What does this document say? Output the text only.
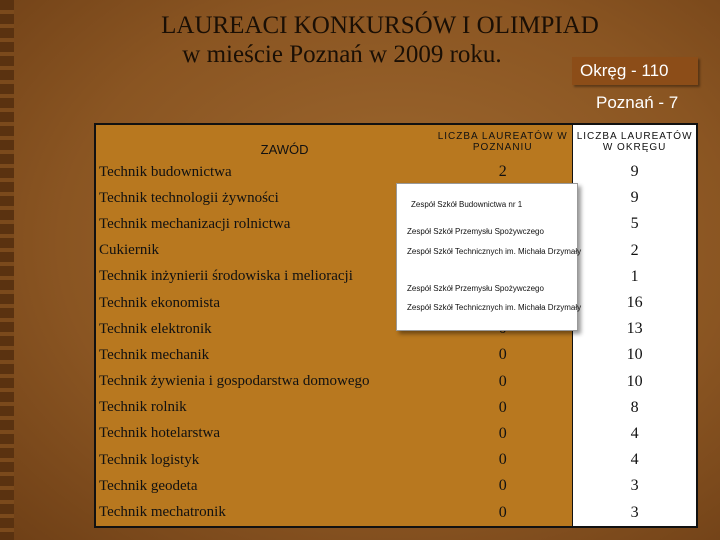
LAUREACI KONKURSÓW I OLIMPIAD
w mieście Poznań w 2009 roku.
Okręg - 110
Poznań - 7
ZAWÓD	LICZBA LAUREATÓW W POZNANIU	LICZBA LAUREATÓW W OKRĘGU
Technik budownictwa	2	9
Technik technologii żywności		9
Technik mechanizacji rolnictwa		5
Cukiernik		2
Technik inżynierii środowiska i melioracji		1
Technik ekonomista		16
Technik elektronik		13
Technik mechanik	0	10
Technik żywienia i gospodarstwa domowego	0	10
Technik rolnik	0	8
Technik hotelarstwa	0	4
Technik logistyk	0	4
Technik geodeta	0	3
Technik mechatronik	0	3
Zespół Szkół Budownictwa nr 1
Zespół Szkół Przemysłu Spożywczego
Zespół Szkół Technicznych im. Michała Drzymały
Zespół Szkół Przemysłu Spożywczego
Zespół Szkół Technicznych im. Michała Drzymały
